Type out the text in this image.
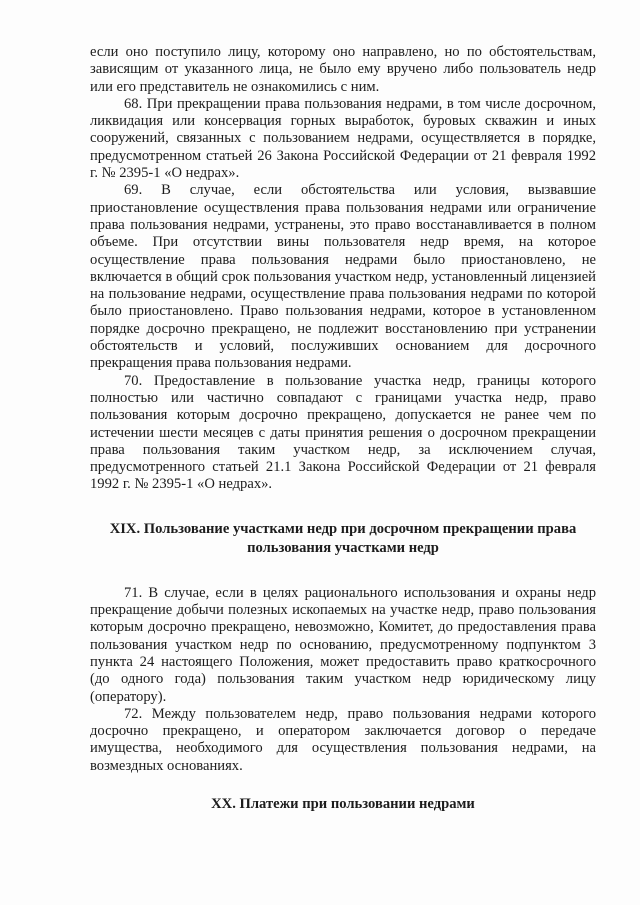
если оно поступило лицу, которому оно направлено, но по обстоятельствам, зависящим от указанного лица, не было ему вручено либо пользователь недр или его представитель не ознакомились с ним.

68. При прекращении права пользования недрами, в том числе досрочном, ликвидация или консервация горных выработок, буровых скважин и иных сооружений, связанных с пользованием недрами, осуществляется в порядке, предусмотренном статьей 26 Закона Российской Федерации от 21 февраля 1992 г. № 2395-1 «О недрах».

69. В случае, если обстоятельства или условия, вызвавшие приостановление осуществления права пользования недрами или ограничение права пользования недрами, устранены, это право восстанавливается в полном объеме. При отсутствии вины пользователя недр время, на которое осуществление права пользования недрами было приостановлено, не включается в общий срок пользования участком недр, установленный лицензией на пользование недрами, осуществление права пользования недрами по которой было приостановлено. Право пользования недрами, которое в установленном порядке досрочно прекращено, не подлежит восстановлению при устранении обстоятельств и условий, послуживших основанием для досрочного прекращения права пользования недрами.

70. Предоставление в пользование участка недр, границы которого полностью или частично совпадают с границами участка недр, право пользования которым досрочно прекращено, допускается не ранее чем по истечении шести месяцев с даты принятия решения о досрочном прекращении права пользования таким участком недр, за исключением случая, предусмотренного статьей 21.1 Закона Российской Федерации от 21 февраля 1992 г. № 2395-1 «О недрах».

XIX. Пользование участками недр при досрочном прекращении права пользования участками недр

71. В случае, если в целях рационального использования и охраны недр прекращение добычи полезных ископаемых на участке недр, право пользования которым досрочно прекращено, невозможно, Комитет, до предоставления права пользования участком недр по основанию, предусмотренному подпунктом 3 пункта 24 настоящего Положения, может предоставить право краткосрочного (до одного года) пользования таким участком недр юридическому лицу (оператору).

72. Между пользователем недр, право пользования недрами которого досрочно прекращено, и оператором заключается договор о передаче имущества, необходимого для осуществления пользования недрами, на возмездных основаниях.

XX. Платежи при пользовании недрами
